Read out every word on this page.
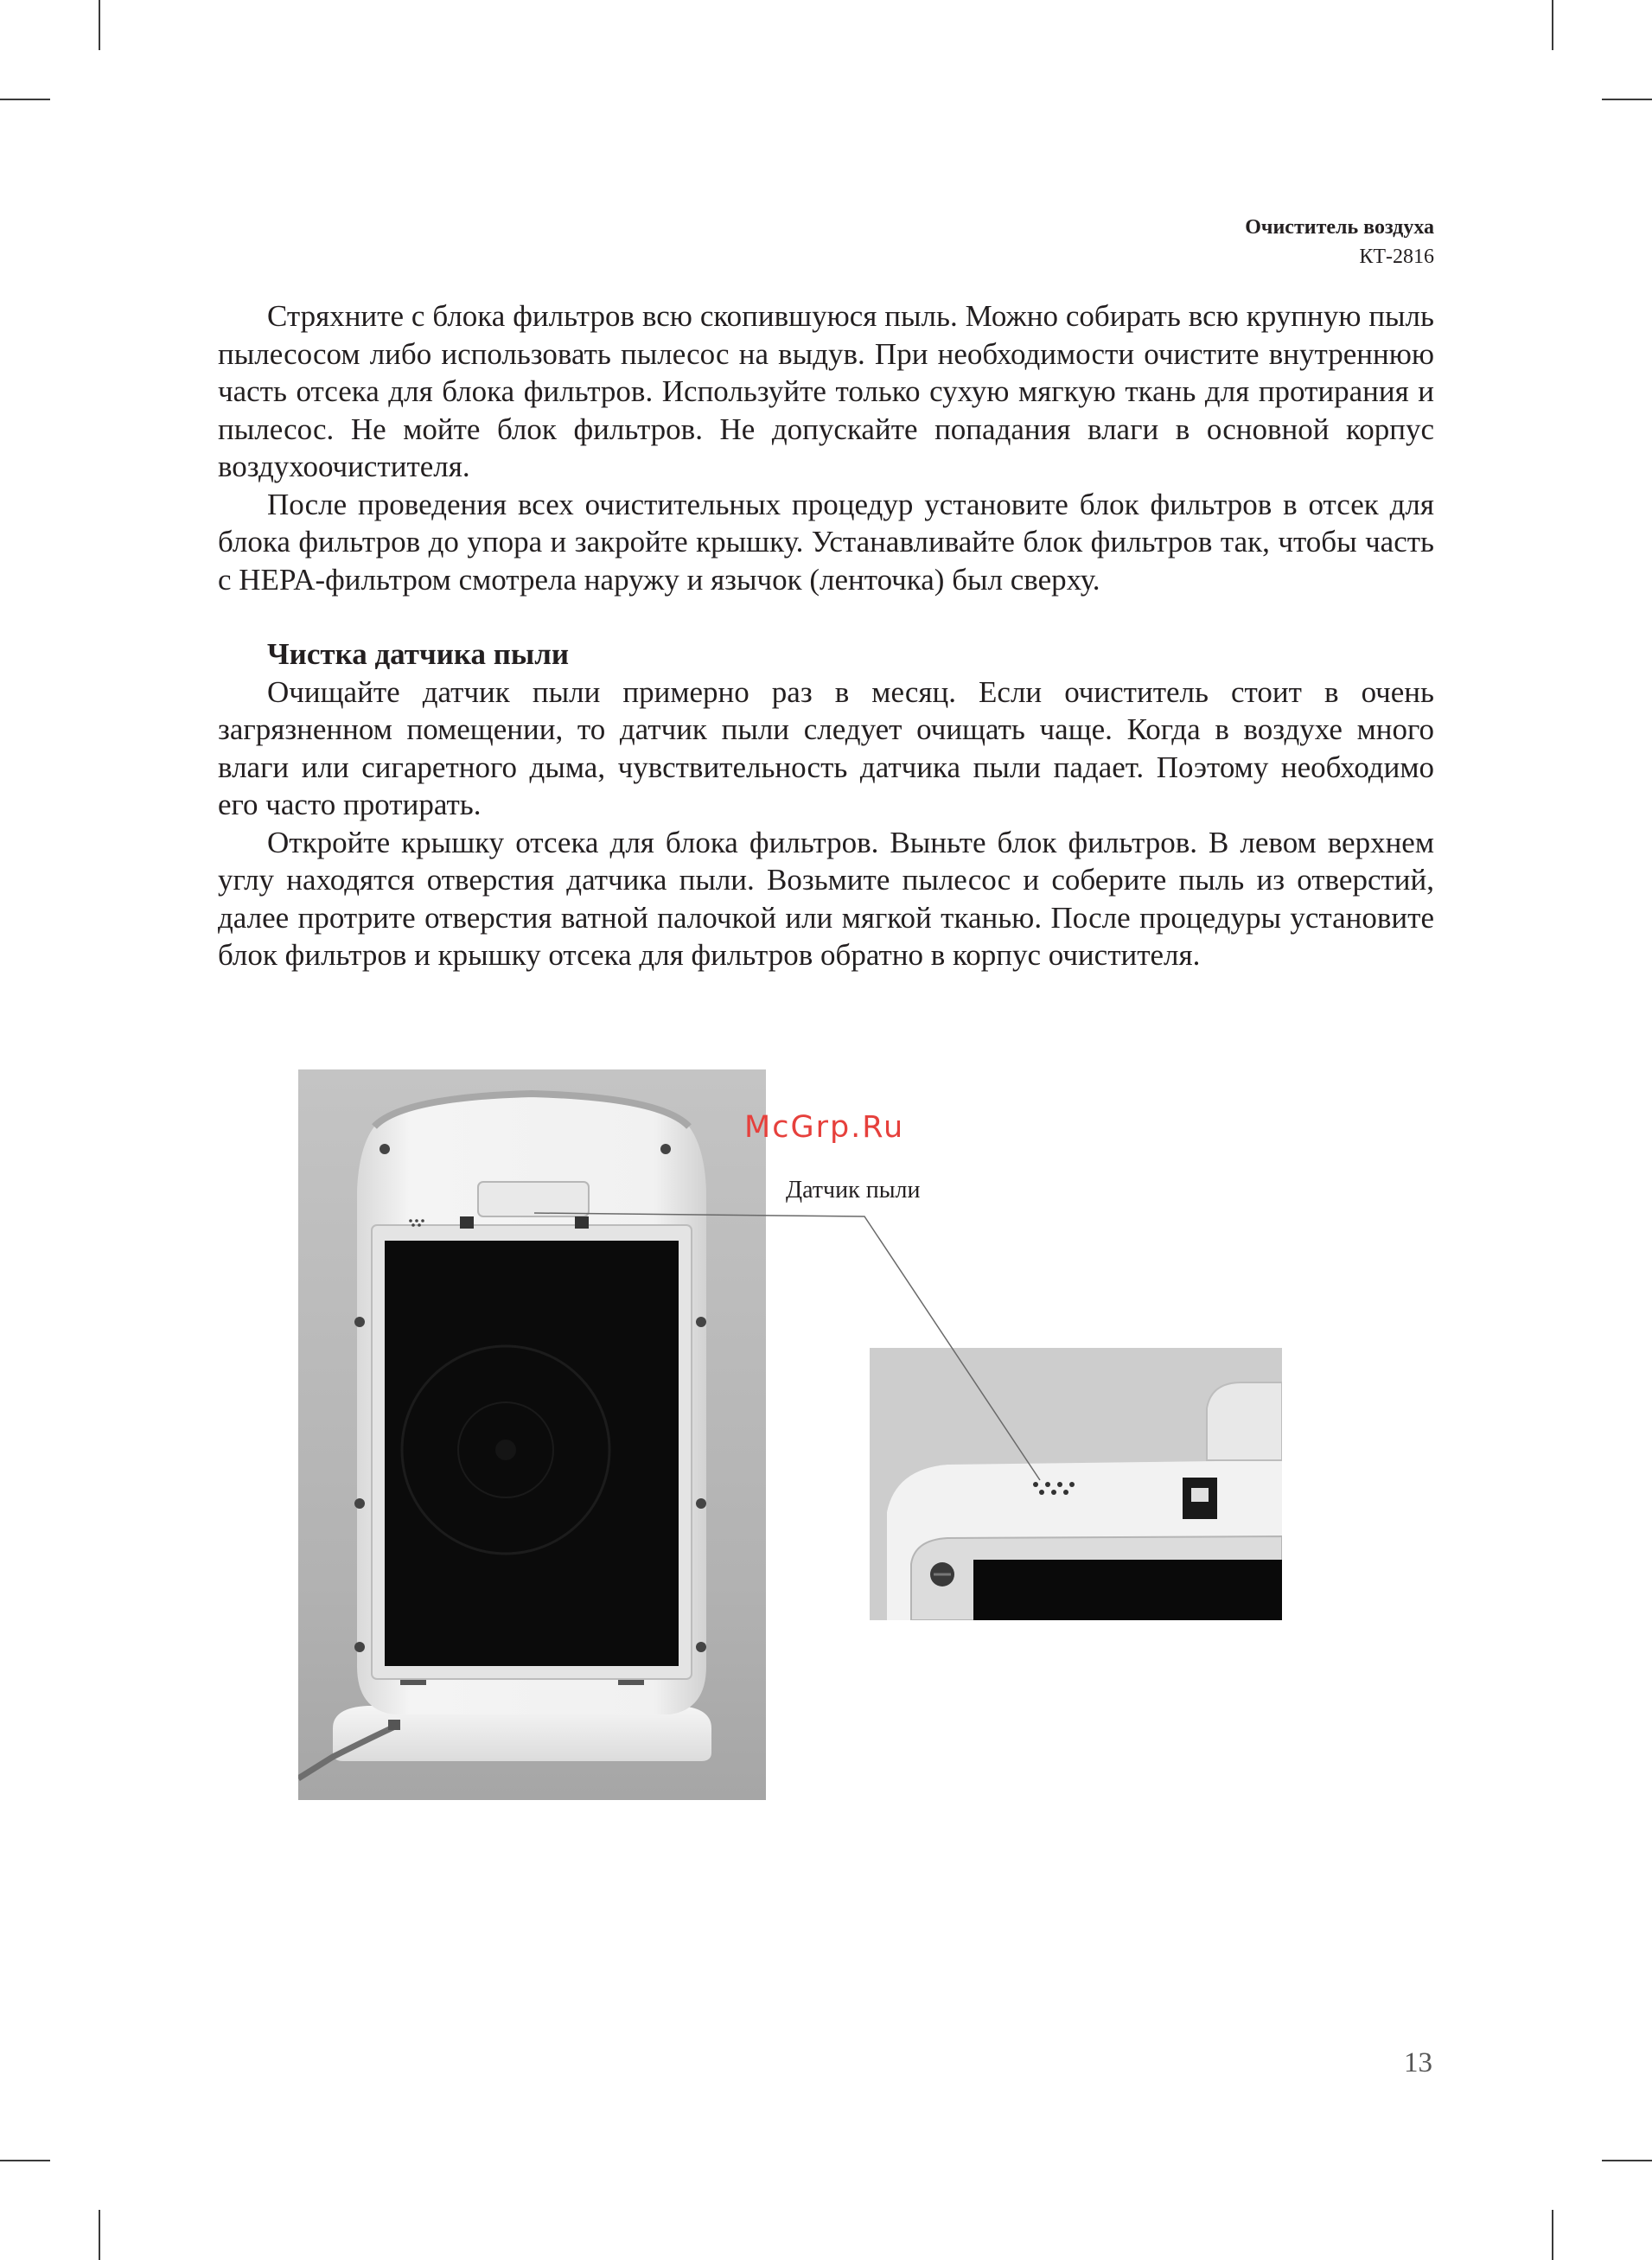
Очиститель воздуха
КТ-2816

Стряхните с блока фильтров всю скопившуюся пыль. Можно собирать всю крупную пыль пылесосом либо использовать пылесос на выдув. При необходимости очистите внутреннюю часть отсека для блока фильтров. Используйте только сухую мягкую ткань для протирания и пылесос. Не мойте блок фильтров. Не допускайте попадания влаги в основной корпус воздухоочистителя.

После проведения всех очистительных процедур установите блок фильтров в отсек для блока фильтров до упора и закройте крышку. Устанавливайте блок фильтров так, чтобы часть с HEPA-фильтром смотрела наружу и язычок (ленточка) был сверху.

Чистка датчика пыли

Очищайте датчик пыли примерно раз в месяц. Если очиститель стоит в очень загрязненном помещении, то датчик пыли следует очищать чаще. Когда в воздухе много влаги или сигаретного дыма, чувствительность датчика пыли падает. Поэтому необходимо его часто протирать.

Откройте крышку отсека для блока фильтров. Выньте блок фильтров. В левом верхнем углу находятся отверстия датчика пыли. Возьмите пылесос и соберите пыль из отверстий, далее протрите отверстия ватной палочкой или мягкой тканью. После процедуры установите блок фильтров и крышку отсека для фильтров обратно в корпус очистителя.

McGrp.Ru
Датчик пыли
13
